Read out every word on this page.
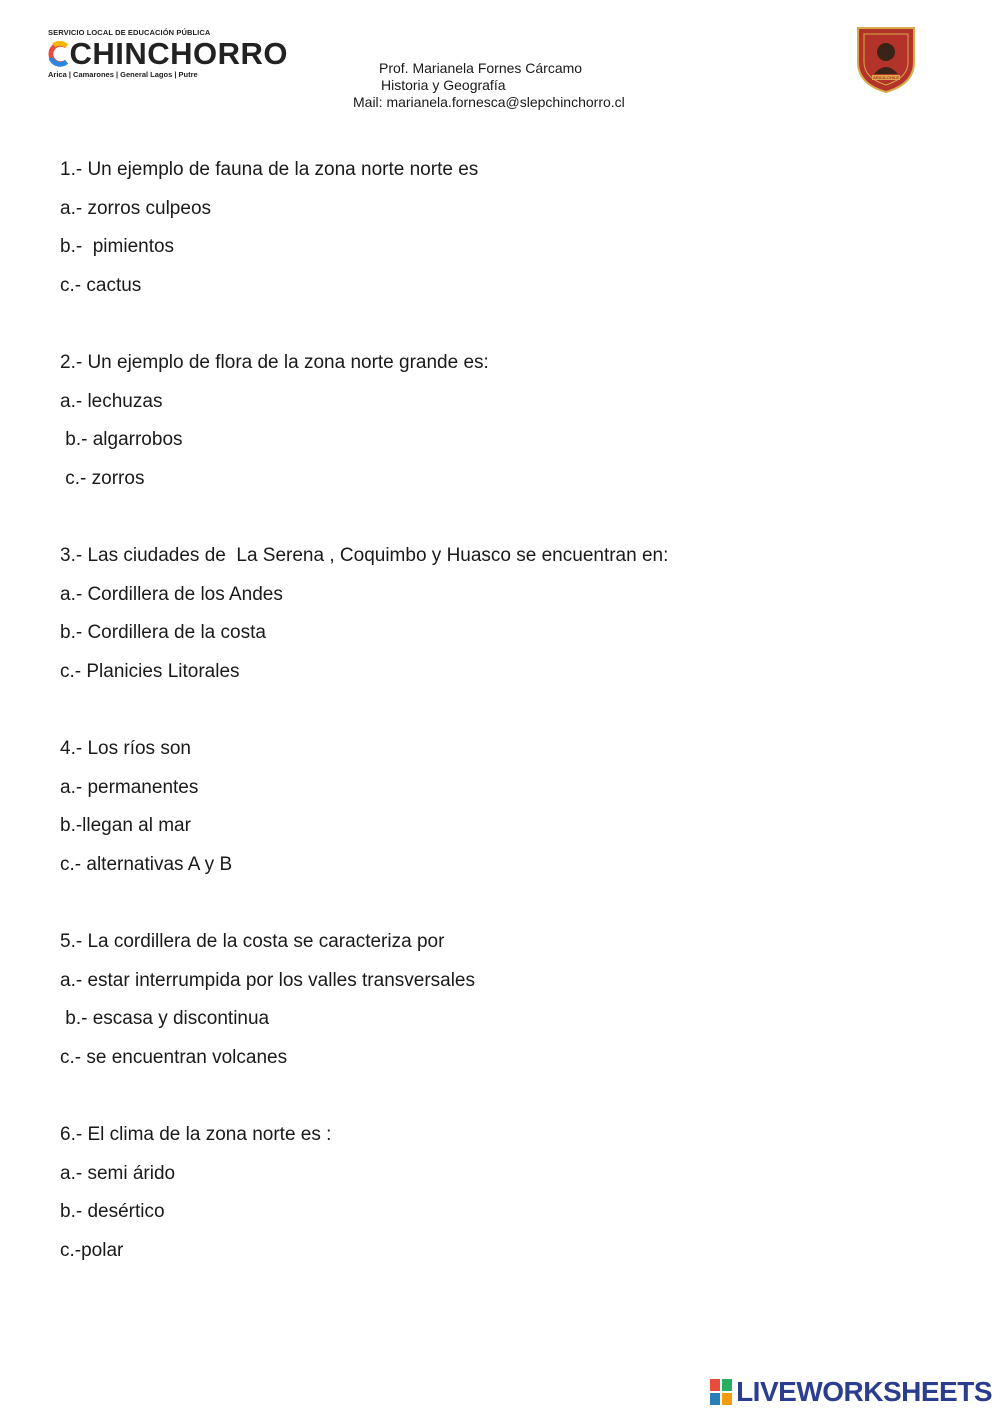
SERVICIO LOCAL DE EDUCACIÓN PÚBLICA
CHINCHORRO
Arica | Camarones | General Lagos | Putre	Prof. Marianela Fornes Cárcamo
Historia y Geografía
Mail: marianela.fornesca@slepchinchorro.cl
ARICA-CHILE
1.- Un ejemplo de fauna de la zona norte norte es
a.- zorros culpeos
b.-  pimientos
c.- cactus
2.- Un ejemplo de flora de la zona norte grande es:
a.- lechuzas
b.- algarrobos
c.- zorros
3.- Las ciudades de  La Serena , Coquimbo y Huasco se encuentran en:
a.- Cordillera de los Andes
b.- Cordillera de la costa
c.- Planicies Litorales
4.- Los ríos son
a.- permanentes
b.-llegan al mar
c.- alternativas A y B
5.- La cordillera de la costa se caracteriza por
a.- estar interrumpida por los valles transversales
b.- escasa y discontinua
c.- se encuentran volcanes
6.- El clima de la zona norte es :
a.- semi árido
b.- desértico
c.-polar
LIVEWORKSHEETS
